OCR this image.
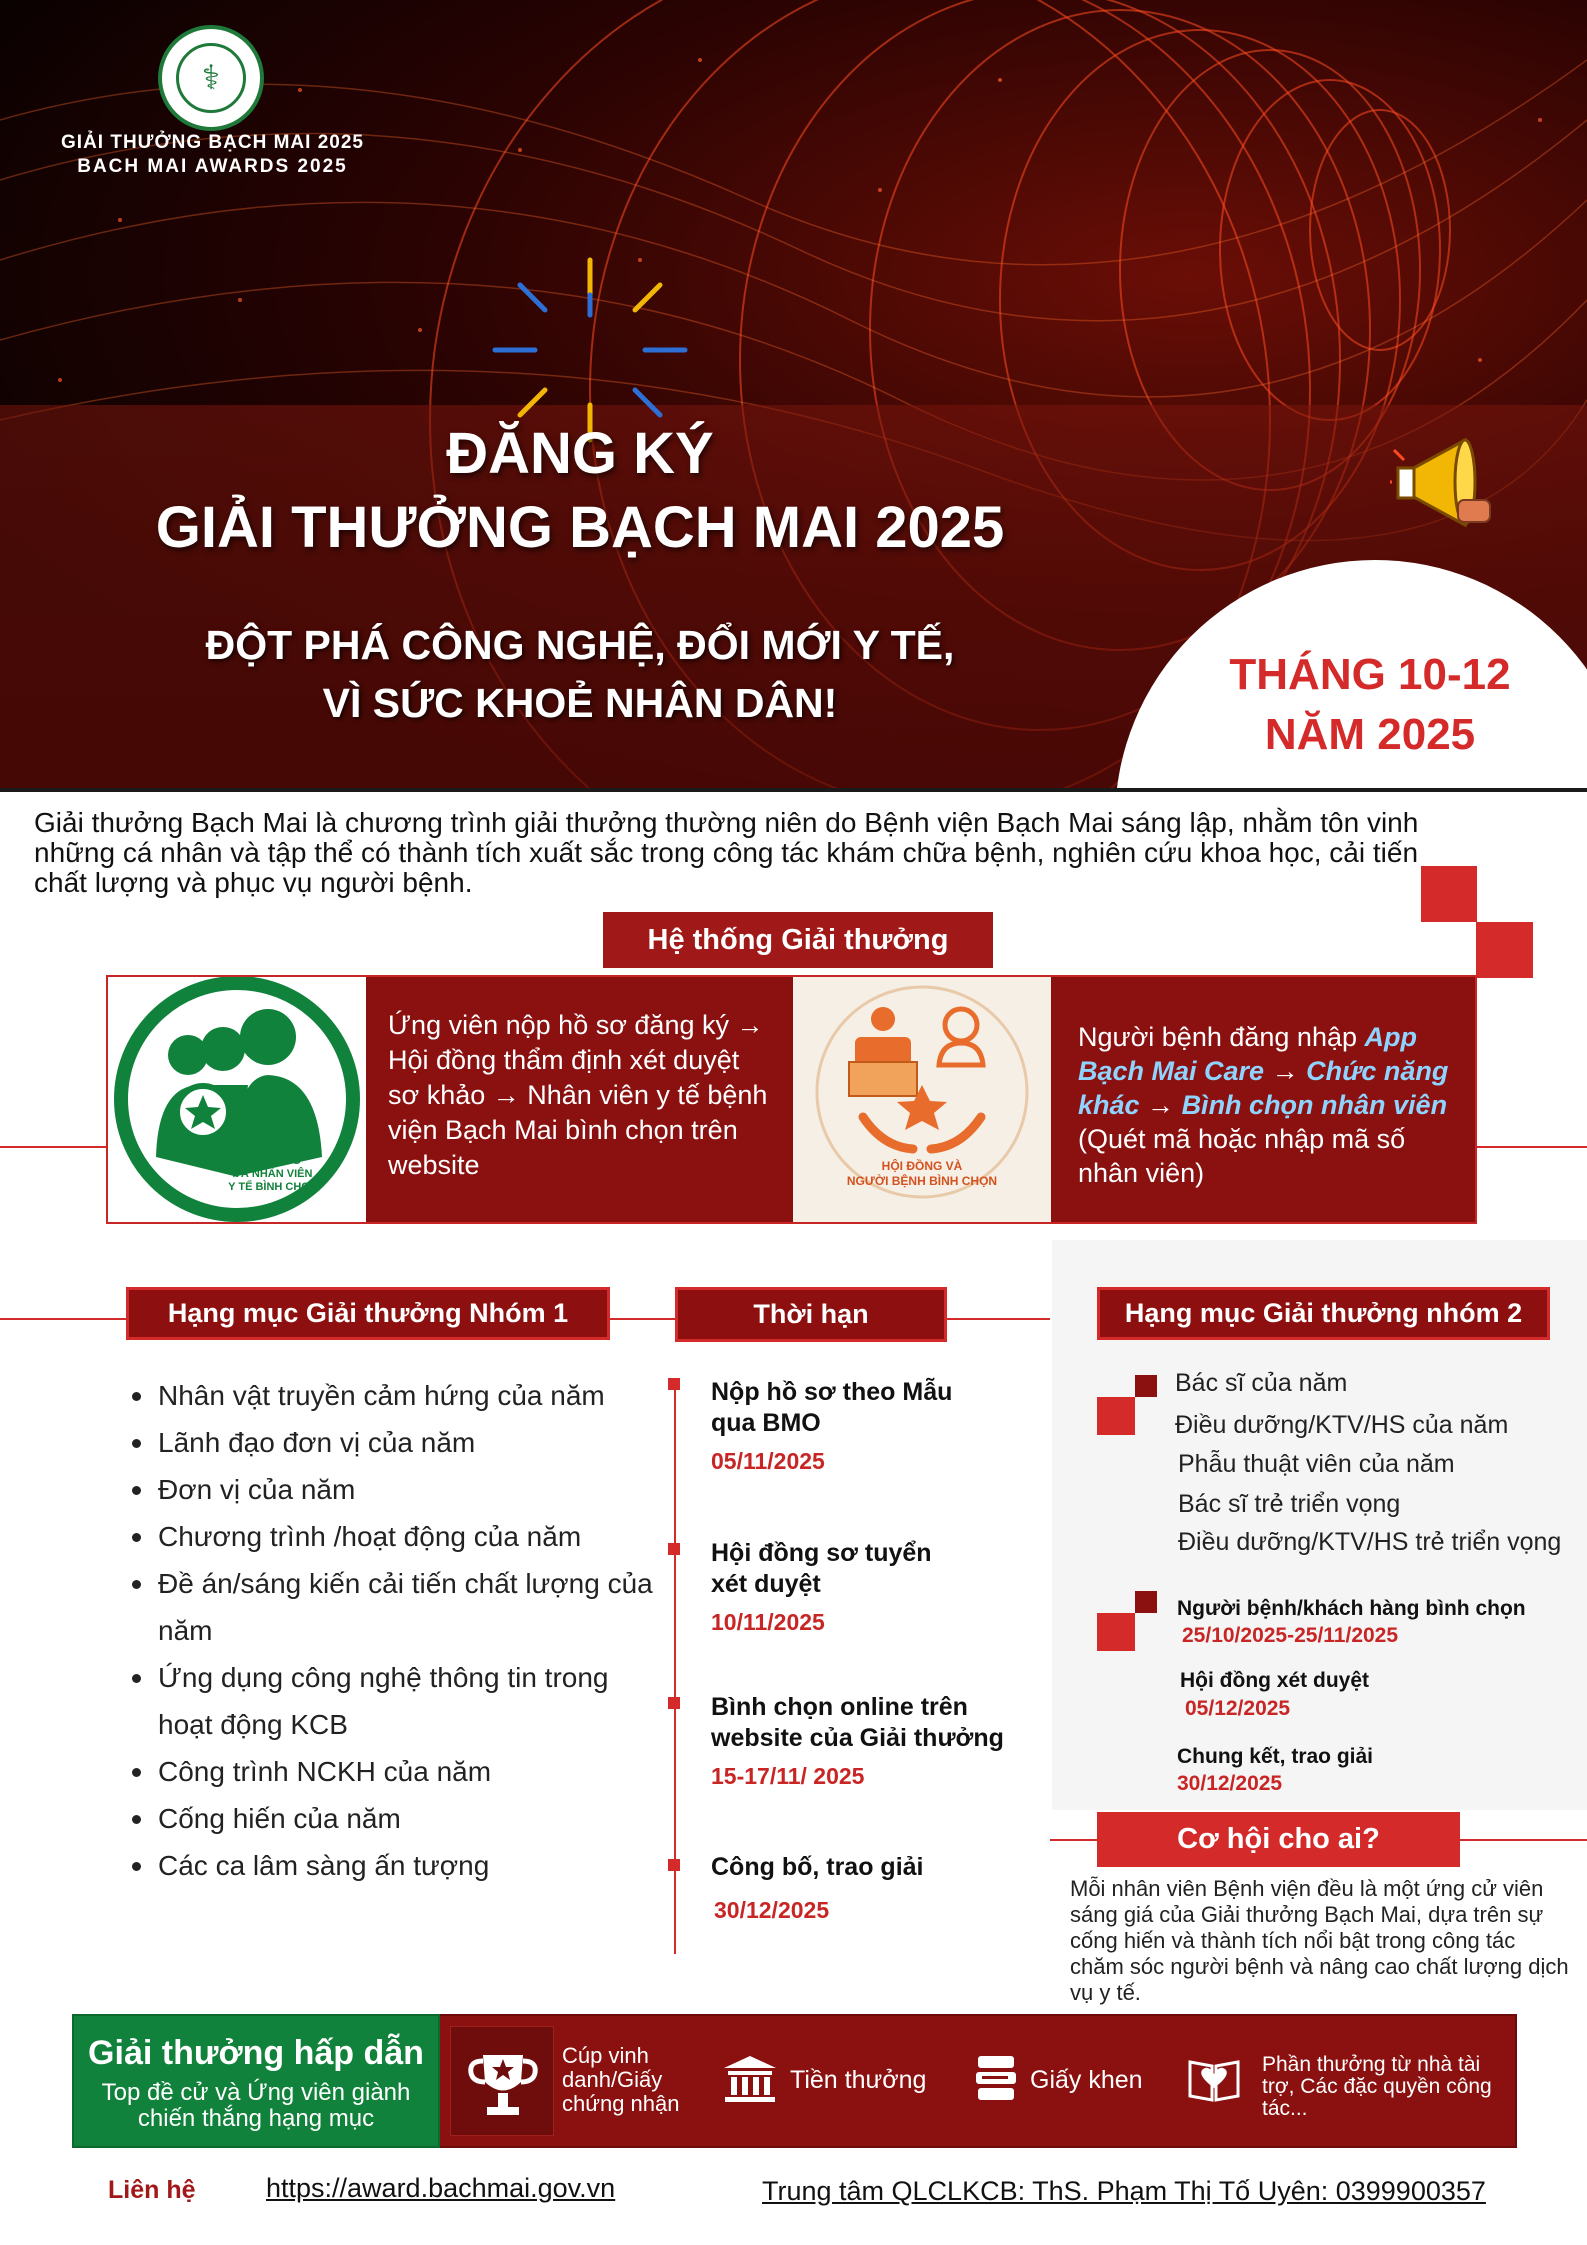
⚕
GIẢI THƯỞNG BẠCH MAI 2025
BACH MAI AWARDS 2025
ĐĂNG KÝ
GIẢI THƯỞNG BẠCH MAI 2025
ĐỘT PHÁ CÔNG NGHỆ, ĐỔI MỚI Y TẾ,
VÌ SỨC KHOẺ NHÂN DÂN!
THÁNG 10-12
NĂM 2025

Giải thưởng Bạch Mai là chương trình giải thưởng thường niên do Bệnh viện Bạch Mai sáng lập, nhằm tôn vinh những cá nhân và tập thể có thành tích xuất sắc trong công tác khám chữa bệnh, nghiên cứu khoa học, cải tiến chất lượng và phục vụ người bệnh.

Hệ thống Giải thưởng
HỘI ĐỒNG
VÀ NHÂN VIÊN
Y TẾ BÌNH CHỌN

Ứng viên nộp hồ sơ đăng ký → Hội đồng thẩm định xét duyệt sơ khảo → Nhân viên y tế bệnh viện Bạch Mai bình chọn trên website	HỘI ĐỒNG VÀ
NGƯỜI BỆNH BÌNH CHỌN

Người bệnh đăng nhập App Bạch Mai Care → Chức năng khác → Bình chọn nhân viên (Quét mã hoặc nhập mã số nhân viên)

Hạng mục Giải thưởng Nhóm 1	Thời hạn	Hạng mục Giải thưởng nhóm 2
Nhân vật truyền cảm hứng của năm
Lãnh đạo đơn vị của năm
Đơn vị của năm
Chương trình /hoạt động của năm
Đề án/sáng kiến cải tiến chất lượng của năm
Ứng dụng công nghệ thông tin trong hoạt động KCB
Công trình NCKH của năm
Cống hiến của năm
Các ca lâm sàng ấn tượng
Nộp hồ sơ theo Mẫu qua BMO
05/11/2025
Hội đồng sơ tuyển xét duyệt
10/11/2025
Bình chọn online trên website của Giải thưởng
15-17/11/ 2025
Công bố, trao giải
30/12/2025
Bác sĩ của năm
Điều dưỡng/KTV/HS của năm
Phẫu thuật viên của năm
Bác sĩ trẻ triển vọng
Điều dưỡng/KTV/HS trẻ triển vọng
Người bệnh/khách hàng bình chọn
25/10/2025-25/11/2025
Hội đồng xét duyệt
05/12/2025
Chung kết, trao giải
30/12/2025
Cơ hội cho ai?

Mỗi nhân viên Bệnh viện đều là một ứng cử viên sáng giá của Giải thưởng Bạch Mai, dựa trên sự cống hiến và thành tích nổi bật trong công tác chăm sóc người bệnh và nâng cao chất lượng dịch vụ y tế.

Giải thưởng hấp dẫn
Top đề cử và Ứng viên giành chiến thắng hạng mục
Cúp vinh danh/Giấy chứng nhận
Tiền thưởng	Giấy khen
Phần thưởng từ nhà tài trợ, Các đặc quyền công tác...
Liên hệ	https://award.bachmai.gov.vn	Trung tâm QLCLKCB: ThS. Phạm Thị Tố Uyên: 0399900357
